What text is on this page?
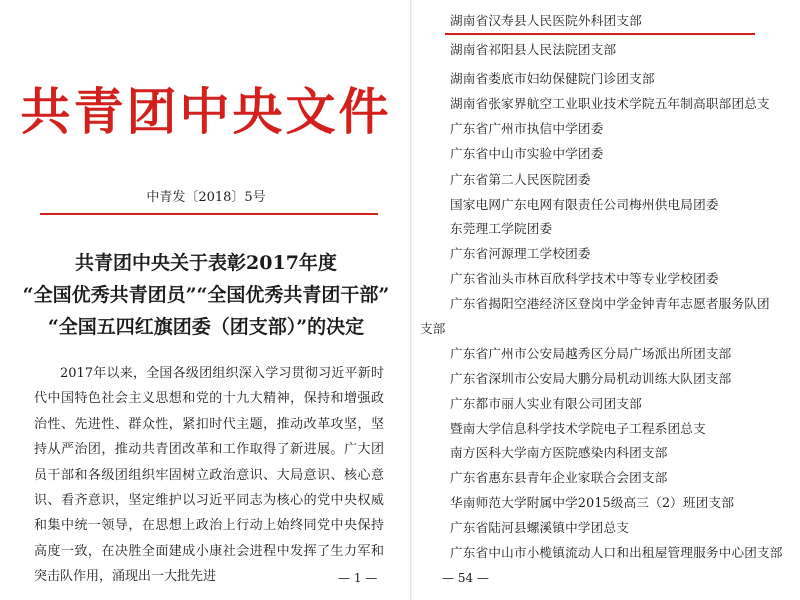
共青团中央文件
中青发〔2018〕5号
共青团中央关于表彰2017年度
“全国优秀共青团员”“全国优秀共青团干部”
“全国五四红旗团委（团支部）”的决定

2017年以来，全国各级团组织深入学习贯彻习近平新时代中国特色社会主义思想和党的十九大精神，保持和增强政治性、先进性、群众性，紧扣时代主题，推动改革攻坚，坚持从严治团，推动共青团改革和工作取得了新进展。广大团员干部和各级团组织牢固树立政治意识、大局意识、核心意识、看齐意识，坚定维护以习近平同志为核心的党中央权威和集中统一领导，在思想上政治上行动上始终同党中央保持高度一致，在决胜全面建成小康社会进程中发挥了生力军和突击队作用，涌现出一大批先进	— 1 —
湖南省汉寿县人民医院外科团支部
湖南省祁阳县人民法院团支部
湖南省娄底市妇幼保健院门诊团支部
湖南省张家界航空工业职业技术学院五年制高职部团总支
广东省广州市执信中学团委
广东省中山市实验中学团委
广东省第二人民医院团委
国家电网广东电网有限责任公司梅州供电局团委
东莞理工学院团委
广东省河源理工学校团委
广东省汕头市林百欣科学技术中等专业学校团委
广东省揭阳空港经济区登岗中学金钟青年志愿者服务队团
支部
广东省广州市公安局越秀区分局广场派出所团支部
广东省深圳市公安局大鹏分局机动训练大队团支部
广东都市丽人实业有限公司团支部
暨南大学信息科学技术学院电子工程系团总支
南方医科大学南方医院感染内科团支部
广东省惠东县青年企业家联合会团支部
华南师范大学附属中学2015级高三（2）班团支部
广东省陆河县螺溪镇中学团总支
广东省中山市小榄镇流动人口和出租屋管理服务中心团支部
— 54 —
